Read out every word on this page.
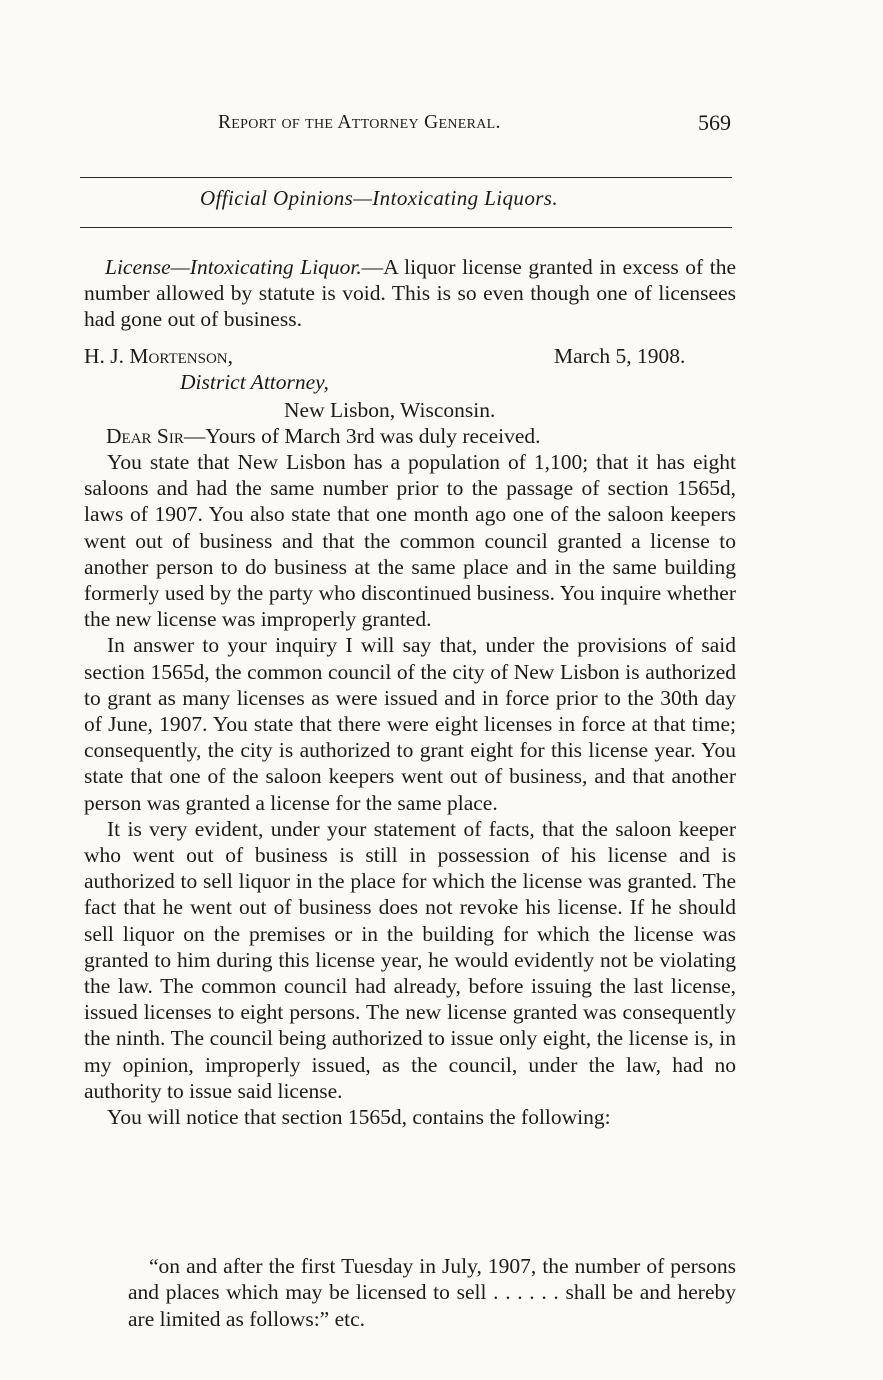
Report of the Attorney General.	569
Official Opinions—Intoxicating Liquors.
License—Intoxicating Liquor.—A liquor license granted in excess of the number allowed by statute is void. This is so even though one of licensees had gone out of business.
H. J. Mortenson,	March 5, 1908.
District Attorney,
New Lisbon, Wisconsin.
Dear Sir—Yours of March 3rd was duly received.

You state that New Lisbon has a population of 1,100; that it has eight saloons and had the same number prior to the passage of section 1565d, laws of 1907. You also state that one month ago one of the saloon keepers went out of business and that the common council granted a license to another person to do business at the same place and in the same building formerly used by the party who discontinued business. You inquire whether the new license was improperly granted.

In answer to your inquiry I will say that, under the provisions of said section 1565d, the common council of the city of New Lisbon is authorized to grant as many licenses as were issued and in force prior to the 30th day of June, 1907. You state that there were eight licenses in force at that time; consequently, the city is authorized to grant eight for this license year. You state that one of the saloon keepers went out of business, and that another person was granted a license for the same place.

It is very evident, under your statement of facts, that the saloon keeper who went out of business is still in possession of his license and is authorized to sell liquor in the place for which the license was granted. The fact that he went out of business does not revoke his license. If he should sell liquor on the premises or in the building for which the license was granted to him during this license year, he would evidently not be violating the law. The common council had already, before issuing the last license, issued licenses to eight persons. The new license granted was consequently the ninth. The council being authorized to issue only eight, the license is, in my opinion, improperly issued, as the council, under the law, had no authority to issue said license.

You will notice that section 1565d, contains the following:

“on and after the first Tuesday in July, 1907, the number of persons and places which may be licensed to sell . . . . . . shall be and hereby are limited as follows:” etc.
